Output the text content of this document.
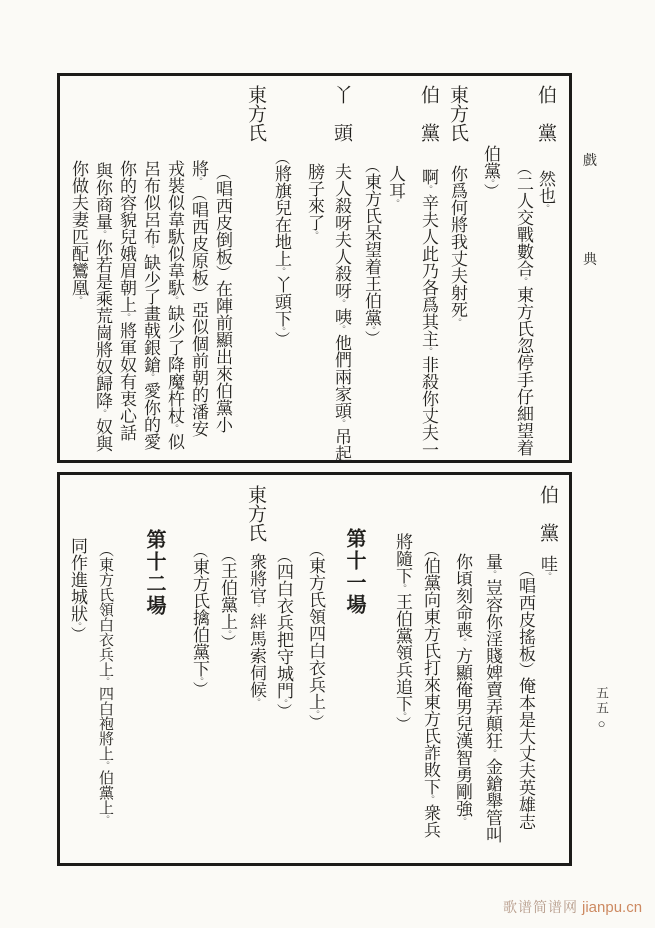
戲
典
五五○
歌谱简谱网 jianpu.cn
伯　黨
然也。
︵二人交戰數合。東方氏忽停手仔細望着
伯黨。︶
東方氏
你爲何將我丈夫射死。
伯　黨
啊。辛夫人此乃各爲其主。非殺你丈夫一
人耳。
︵東方氏呆望着王伯黨。︶
丫　頭
夫人殺呀夫人殺呀。咦。他們兩家頭。吊起
膀子來了。
︵將旗兒在地上。丫頭下。︶
東方氏
︵唱西皮倒板︶在陣前顯出來伯黨小
將。︵唱西皮原板︶亞似個前朝的潘安
戎裝似韋馱似韋馱。缺少了降魔杵杖。似
呂布似呂布。缺少了畫戟銀鎗。愛你的愛
你的容貌兒娥眉朝上。將軍奴有衷心話
與你商量。你若是乘荒崗將奴歸降。奴與
你做夫妻匹配鸞凰。
伯　黨
哇。
︵唱西皮搖板︶俺本是大丈夫英雄志
量。豈容你淫賤婢賣弄顛狂。金鎗舉管叫
你頃刻命喪。方顯俺男兒漢智勇剛強。
︵伯黨向東方氏打來東方氏詐敗下。衆兵
將隨下。王伯黨領兵追下。︶
第十一場
︵東方氏領四白衣兵上。︶
︵四白衣兵把守城門。︶
東方氏
衆將官。絆馬索伺候。
︵王伯黨上。︶
︵東方氏擒伯黨下。︶
第十二場
︵東方氏領白衣兵上。四白袍將上。伯黨上。
同作進城狀。︶
